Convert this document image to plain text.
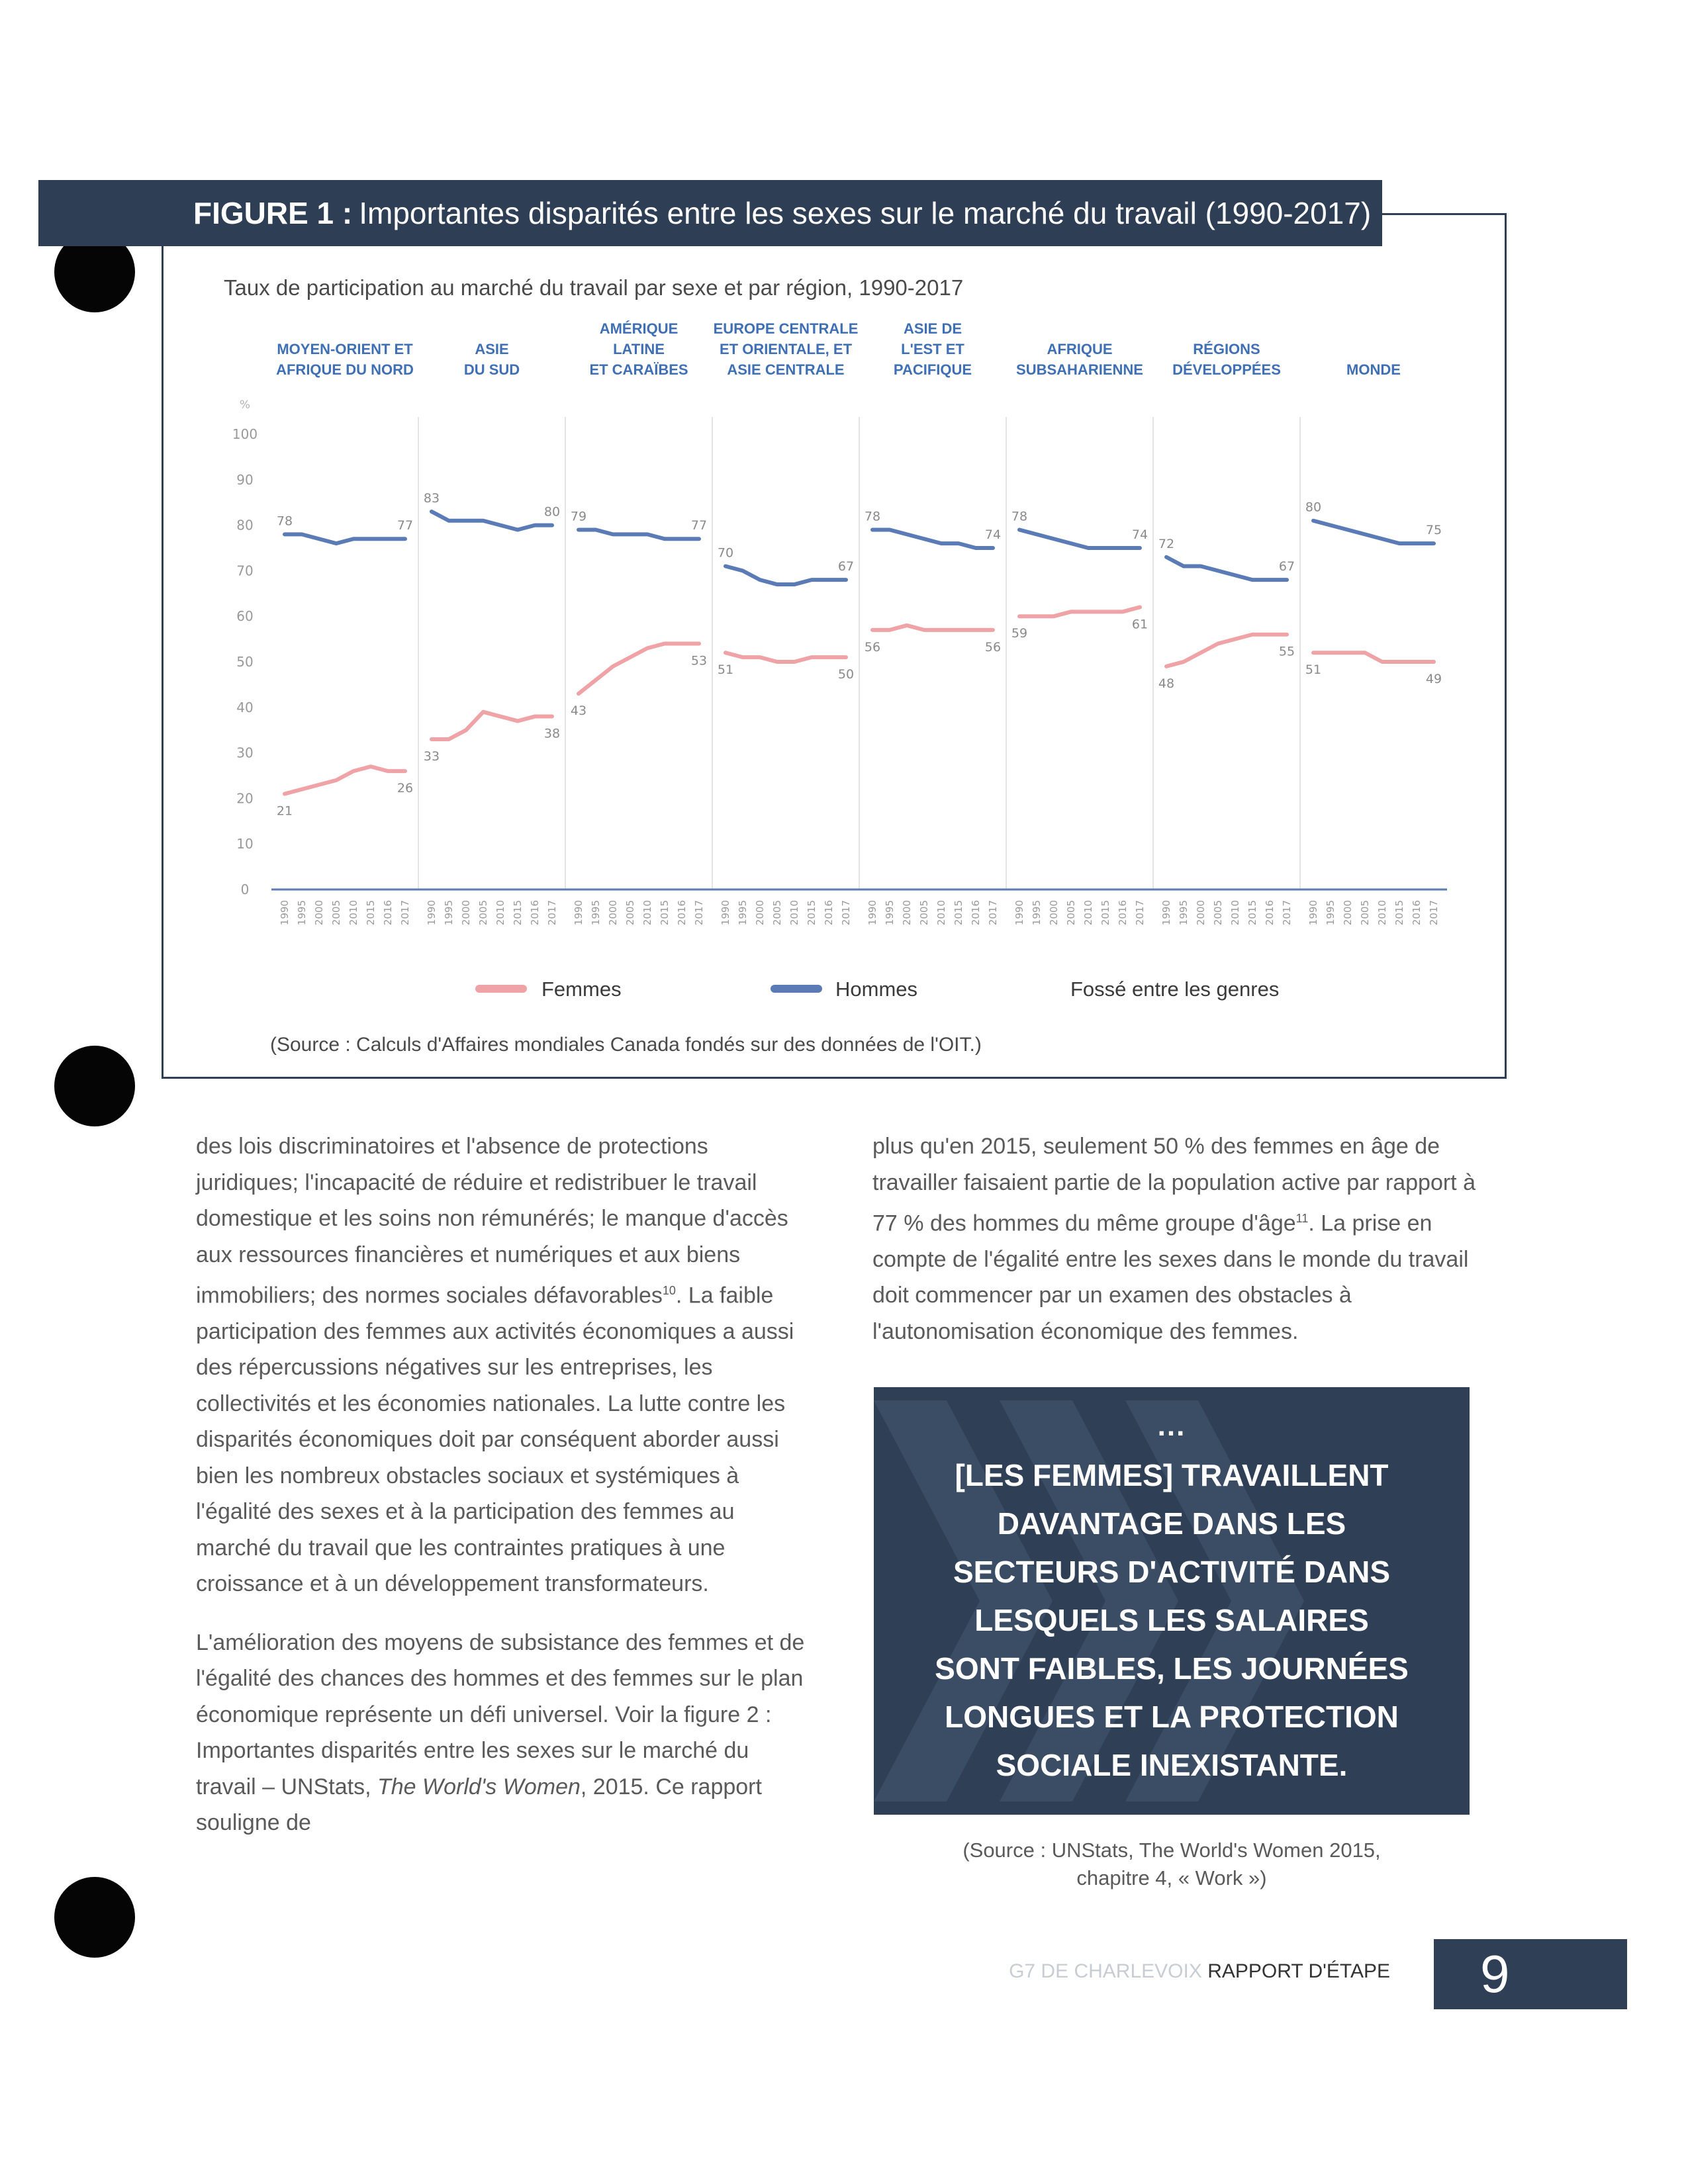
FIGURE 1 : Importantes disparités entre les sexes sur le marché du travail (1990-2017)
Taux de participation au marché du travail par sexe et par région, 1990-2017
%
0
10
20
30
40
50
60
70
80
90
100
MOYEN-ORIENT ET
AFRIQUE DU NORD
78	77
21
26
1990 1995 2000 2005 2010 2015 2016 2017
ASIE
DU SUD
83
80
33
38
1990 1995 2000 2005 2010 2015 2016 2017
AMÉRIQUE
LATINE
ET CARAÏBES
79
77
43
53
1990 1995 2000 2005 2010 2015 2016 2017
EUROPE CENTRALE
ET ORIENTALE, ET
ASIE CENTRALE
70
67
51	50
1990 1995 2000 2005 2010 2015 2016 2017
ASIE DE
L'EST ET
PACIFIQUE
78
74
56	56
1990 1995 2000 2005 2010 2015 2016 2017
AFRIQUE
SUBSAHARIENNE
78
74
59
61
1990 1995 2000 2005 2010 2015 2016 2017
RÉGIONS
DÉVELOPPÉES
72
67
48
55
1990 1995 2000 2005 2010 2015 2016 2017
MONDE
80
75
51
49
1990 1995 2000 2005 2010 2015 2016 2017
Femmes	Hommes	Fossé entre les genres
(Source : Calculs d'Affaires mondiales Canada fondés sur des données de l'OIT.)

des lois discriminatoires et l'absence de protections juridiques; l'incapacité de réduire et redistribuer le travail domestique et les soins non rémunérés; le manque d'accès aux ressources financières et numériques et aux biens immobiliers; des normes sociales défavorables$^{10}$. La faible participation des femmes aux activités économiques a aussi des répercussions négatives sur les entreprises, les collectivités et les économies nationales. La lutte contre les disparités économiques doit par conséquent aborder aussi bien les nombreux obstacles sociaux et systémiques à l'égalité des sexes et à la participation des femmes au marché du travail que les contraintes pratiques à une croissance et à un développement transformateurs.

L'amélioration des moyens de subsistance des femmes et de l'égalité des chances des hommes et des femmes sur le plan économique représente un défi universel. Voir la figure 2 : Importantes disparités entre les sexes sur le marché du travail – UNStats, The World's Women, 2015. Ce rapport souligne de

plus qu'en 2015, seulement 50 % des femmes en âge de travailler faisaient partie de la population active par rapport à 77 % des hommes du même groupe d'âge$^{11}$. La prise en compte de l'égalité entre les sexes dans le monde du travail doit commencer par un examen des obstacles à l'autonomisation économique des femmes.

...
[LES FEMMES] TRAVAILLENT
DAVANTAGE DANS LES
SECTEURS D'ACTIVITÉ DANS
LESQUELS LES SALAIRES
SONT FAIBLES, LES JOURNÉES
LONGUES ET LA PROTECTION
SOCIALE INEXISTANTE.
(Source : UNStats, The World's Women 2015,
chapitre 4, « Work »)
G7 DE CHARLEVOIX RAPPORT D'ÉTAPE	9
